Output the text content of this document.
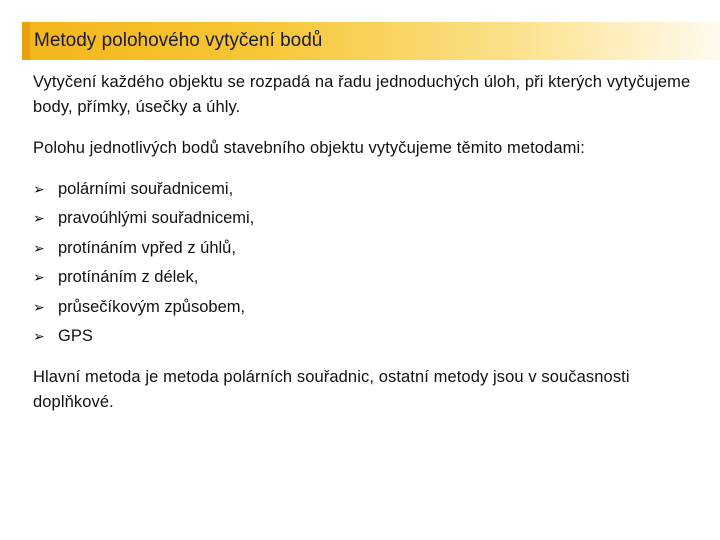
Metody polohového vytyčení bodů

Vytyčení každého objektu se rozpadá na řadu jednoduchých úloh, při kterých vytyčujeme body, přímky, úsečky a úhly.

Polohu jednotlivých bodů stavebního objektu vytyčujeme těmito metodami:

➢ polárními souřadnicemi,
➢ pravoúhlými souřadnicemi,
➢ protínáním vpřed z úhlů,
➢ protínáním z délek,
➢ průsečíkovým způsobem,
➢ GPS

Hlavní metoda je metoda polárních souřadnic, ostatní metody jsou v současnosti doplňkové.
